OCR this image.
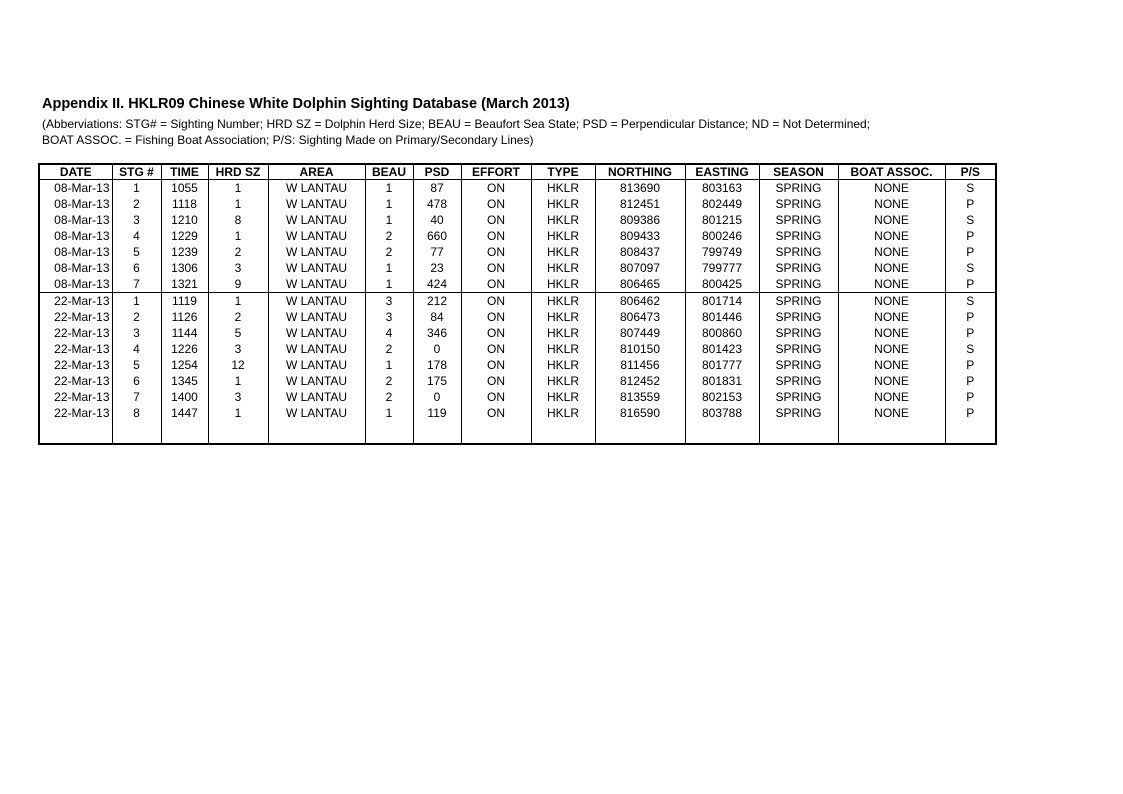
Appendix II. HKLR09 Chinese White Dolphin Sighting Database (March 2013)
(Abberviations: STG# = Sighting Number; HRD SZ = Dolphin Herd Size; BEAU = Beaufort Sea State; PSD = Perpendicular Distance; ND = Not Determined;
BOAT ASSOC. = Fishing Boat Association; P/S: Sighting Made on Primary/Secondary Lines)
DATE	STG #	TIME	HRD SZ	AREA	BEAU	PSD	EFFORT	TYPE	NORTHING	EASTING	SEASON	BOAT ASSOC.	P/S
08-Mar-13	1	1055	1	W LANTAU	1	87	ON	HKLR	813690	803163	SPRING	NONE	S
08-Mar-13	2	1118	1	W LANTAU	1	478	ON	HKLR	812451	802449	SPRING	NONE	P
08-Mar-13	3	1210	8	W LANTAU	1	40	ON	HKLR	809386	801215	SPRING	NONE	S
08-Mar-13	4	1229	1	W LANTAU	2	660	ON	HKLR	809433	800246	SPRING	NONE	P
08-Mar-13	5	1239	2	W LANTAU	2	77	ON	HKLR	808437	799749	SPRING	NONE	P
08-Mar-13	6	1306	3	W LANTAU	1	23	ON	HKLR	807097	799777	SPRING	NONE	S
08-Mar-13	7	1321	9	W LANTAU	1	424	ON	HKLR	806465	800425	SPRING	NONE	P
22-Mar-13	1	1119	1	W LANTAU	3	212	ON	HKLR	806462	801714	SPRING	NONE	S
22-Mar-13	2	1126	2	W LANTAU	3	84	ON	HKLR	806473	801446	SPRING	NONE	P
22-Mar-13	3	1144	5	W LANTAU	4	346	ON	HKLR	807449	800860	SPRING	NONE	P
22-Mar-13	4	1226	3	W LANTAU	2	0	ON	HKLR	810150	801423	SPRING	NONE	S
22-Mar-13	5	1254	12	W LANTAU	1	178	ON	HKLR	811456	801777	SPRING	NONE	P
22-Mar-13	6	1345	1	W LANTAU	2	175	ON	HKLR	812452	801831	SPRING	NONE	P
22-Mar-13	7	1400	3	W LANTAU	2	0	ON	HKLR	813559	802153	SPRING	NONE	P
22-Mar-13	8	1447	1	W LANTAU	1	119	ON	HKLR	816590	803788	SPRING	NONE	P
